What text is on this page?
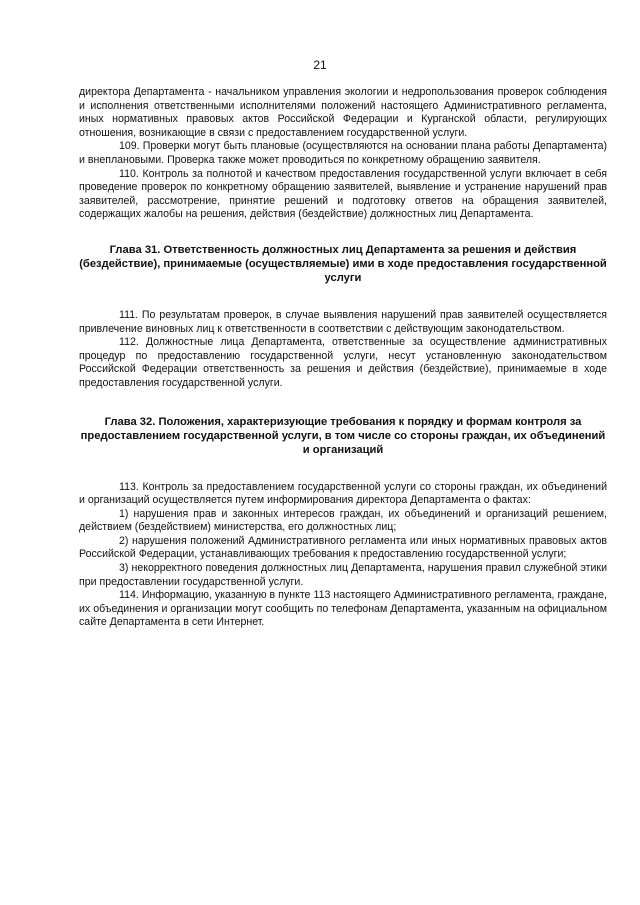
21

директора Департамента - начальником управления экологии и недропользования проверок соблюдения и исполнения ответственными исполнителями положений настоящего Административного регламента, иных нормативных правовых актов Российской Федерации и Курганской области, регулирующих отношения, возникающие в связи с предоставлением государственной услуги.

109. Проверки могут быть плановые (осуществляются на основании плана работы Департамента) и внеплановыми. Проверка также может проводиться по конкретному обращению заявителя.

110. Контроль за полнотой и качеством предоставления государственной услуги включает в себя проведение проверок по конкретному обращению заявителей, выявление и устранение нарушений прав заявителей, рассмотрение, принятие решений и подготовку ответов на обращения заявителей, содержащих жалобы на решения, действия (бездействие) должностных лиц Департамента.

Глава 31. Ответственность должностных лиц Департамента за решения и действия (бездействие), принимаемые (осуществляемые) ими в ходе предоставления государственной услуги

111. По результатам проверок, в случае выявления нарушений прав заявителей осуществляется привлечение виновных лиц к ответственности в соответствии с действующим законодательством.

112. Должностные лица Департамента, ответственные за осуществление административных процедур по предоставлению государственной услуги, несут установленную законодательством Российской Федерации ответственность за решения и действия (бездействие), принимаемые в ходе предоставления государственной услуги.

Глава 32. Положения, характеризующие требования к порядку и формам контроля за предоставлением государственной услуги, в том числе со стороны граждан, их объединений и организаций

113. Контроль за предоставлением государственной услуги со стороны граждан, их объединений и организаций осуществляется путем информирования директора Департамента о фактах:

1) нарушения прав и законных интересов граждан, их объединений и организаций решением, действием (бездействием) министерства, его должностных лиц;

2) нарушения положений Административного регламента или иных нормативных правовых актов Российской Федерации, устанавливающих требования к предоставлению государственной услуги;

3) некорректного поведения должностных лиц Департамента, нарушения правил служебной этики при предоставлении государственной услуги.

114. Информацию, указанную в пункте 113 настоящего Административного регламента, граждане, их объединения и организации могут сообщить по телефонам Департамента, указанным на официальном сайте Департамента в сети Интернет.
